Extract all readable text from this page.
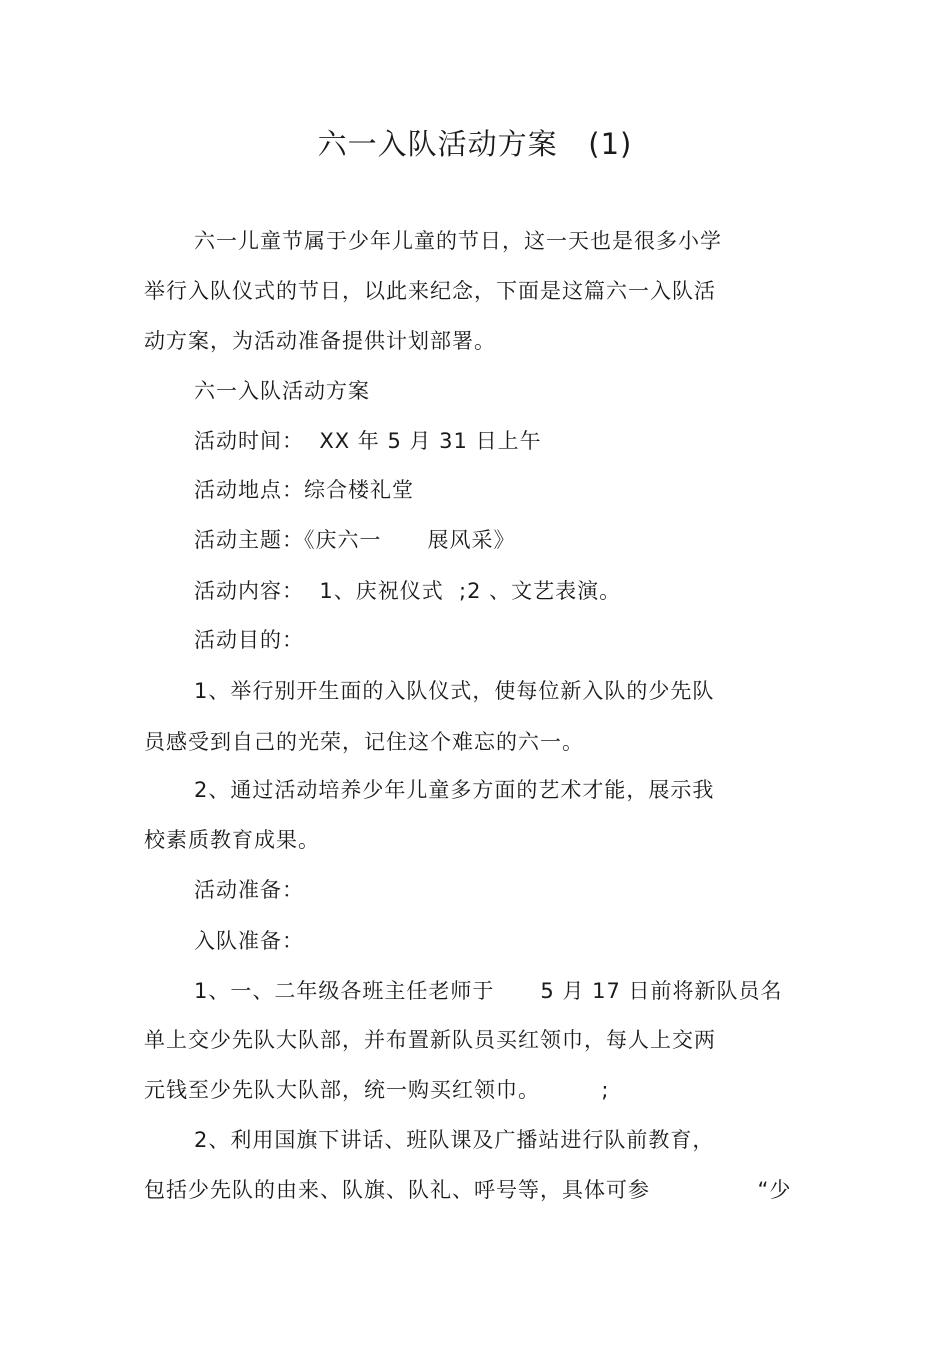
六一入队活动方案   (1)
六一儿童节属于少年儿童的节日，这一天也是很多小学
举行入队仪式的节日，以此来纪念，下面是这篇六一入队活
动方案，为活动准备提供计划部署。
六一入队活动方案
活动时间：  XX 年 5 月 31 日上午
活动地点：综合楼礼堂
活动主题：《庆六一      展风采》
活动内容：  1、庆祝仪式  ;2 、文艺表演。
活动目的：
1、举行别开生面的入队仪式，使每位新入队的少先队
员感受到自己的光荣，记住这个难忘的六一。
2、通过活动培养少年儿童多方面的艺术才能，展示我
校素质教育成果。
活动准备：
入队准备：
1、一、二年级各班主任老师于      5 月 17 日前将新队员名
单上交少先队大队部，并布置新队员买红领巾，每人上交两
元钱至少先队大队部，统一购买红领巾。        ;
2、利用国旗下讲话、班队课及广播站进行队前教育，
包括少先队的由来、队旗、队礼、呼号等，具体可参              “少
